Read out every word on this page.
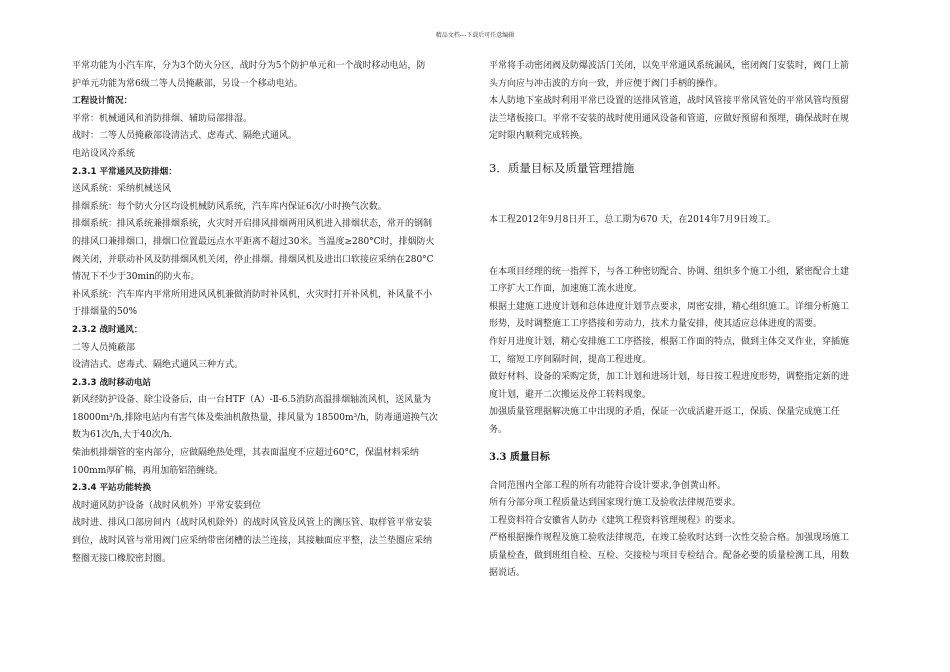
精品文档---下载后可任意编辑

平常功能为小汽车库，分为3个防火分区，战时分为5个防护单元和一个战时移动电站，防

护单元功能为常6级二等人员掩蔽部，另设一个移动电站。

工程设计简况：

平常：机械通风和消防排烟、辅助局部排湿。

战时：二等人员掩蔽部设清洁式、虑毒式、隔绝式通风。

电站设风冷系统

2.3.1 平常通风及防排烟：

送风系统：采纳机械送风

排烟系统：每个防火分区均设机械防风系统，汽车库内保证6次/小时换气次数。

排烟系统：排风系统兼排烟系统，火灾时开启排风排烟两用风机进入排烟状态，常开的钢制

的排风口兼排烟口，排烟口位置最远点水平距离不超过30米。当温度≥280°C时，排烟防火

阀关闭，并联动补风及防排烟风机关闭，停止排烟。排烟风机及进出口软接应采纳在280°C

情况下不少于30min的防火布。

补风系统：汽车库内平常所用进风风机兼做消防时补风机，火灾时打开补风机，补风量不小

于排烟量的50%

2.3.2 战时通风：

二等人员掩蔽部

设清洁式、虑毒式、隔绝式通风三种方式。

2.3.3 战时移动电站

新风经防护设备、除尘设备后，由一台HTF（A）-Ⅱ-6.5消防高温排烟轴流风机，送风量为

18000m³/h,排除电站内有害气体及柴油机散热量，排风量为 18500m³/h，防毒通道换气次

数为61次/h,大于40次/h.

柴油机排烟管的室内部分，应做隔绝热处理，其表面温度不应超过60°C，保温材料采纳

100mm厚矿棉，再用加筋铝箔缠绕。

2.3.4 平站功能转换

战时通风防护设备（战时风机外）平常安装到位

战时进、排风口部房间内（战时风机除外）的战时风管及风管上的测压管、取样管平常安装

到位，战时风管与常用阀门应采纳带密闭槽的法兰连接，其接触面应平整，法兰垫圈应采纳

整圈无接口橡胶密封圈。

平常将手动密闭阀及防爆波活门关闭，以免平常通风系统漏风，密闭阀门安装时，阀门上箭

头方向应与冲击波的方向一致，并应便于阀门手柄的操作。

本人防地下室战时利用平常已设置的送排风管道，战时风管接平常风管处的平常风管均预留

法兰堵板接口。平常不安装的战时使用通风设备和管道，应做好预留和预埋，确保战时在规

定时限内顺利完成转换。

3．质量目标及质量管理措施

本工程2012年9月8日开工，总工期为670 天，在2014年7月9日竣工。

在本项目经理的统一指挥下，与各工种密切配合、协调、组织多个施工小组，紧密配合土建

工序扩大工作面，加速施工流水进度。

根据土建施工进度计划和总体进度计划节点要求，周密安排，精心组织施工。详细分析施工

形势，及时调整施工工序搭接和劳动力，技术力量安排，使其适应总体进度的需要。

作好月进度计划，精心安排施工工序搭接，根据工作面的特点，做到主体交叉作业，穿插施

工，缩短工序间隔时间，提高工程进度。

做好材料、设备的采购定货，加工计划和进场计划，每日按工程进度形势，调整指定新的进

度计划，避开二次搬运及停工转料现象。

加强质量管理据解决施工中出现的矛盾，保证一次成活避开返工，保质、保量完成施工任

务。

3.3 质量目标

合同范围内全部工程的所有功能符合设计要求,争创黄山杯。

所有分部分项工程质量达到国家现行施工及验收法律规范要求。

工程资料符合安徽省人防办《建筑工程资料管理规程》的要求。

严格根据操作规程及施工验收法律规范，在竣工验收时达到一次性交验合格。加强现场施工

质量检查，做到班组自检、互检、交接检与项目专检结合。配备必要的质量检测工具，用数

据说话。
